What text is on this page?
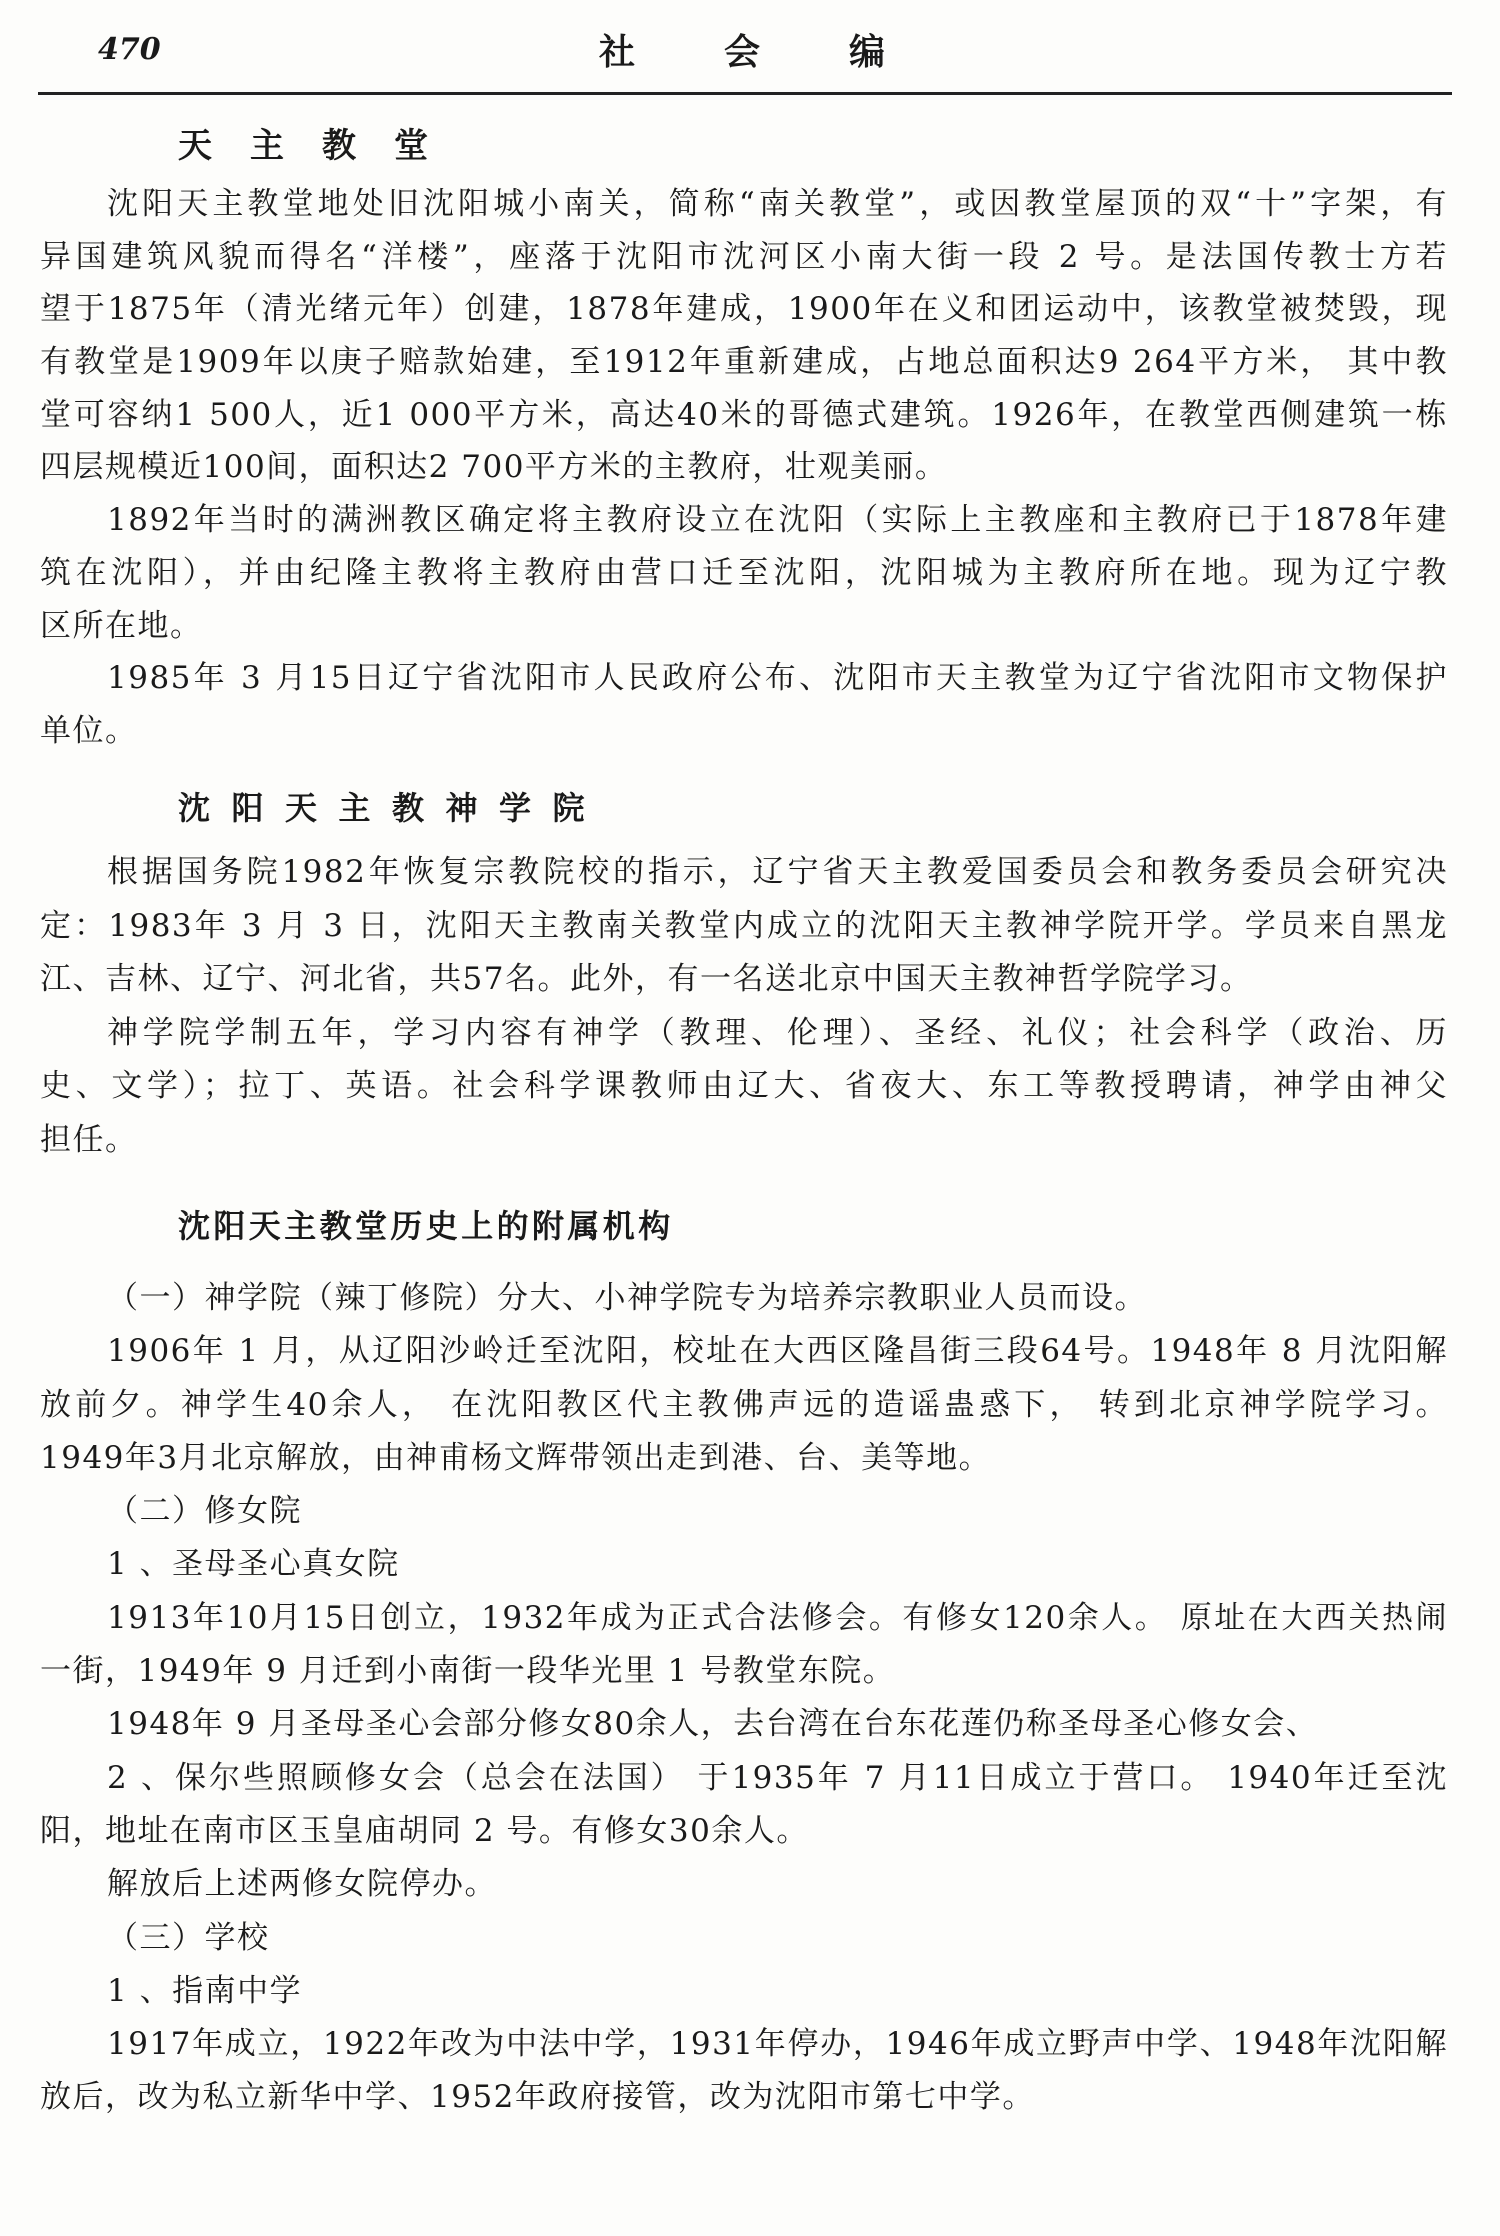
470	社会编
天主教堂
沈阳天主教堂地处旧沈阳城小南关，简称“南关教堂”，或因教堂屋顶的双“十”字架，有
异国建筑风貌而得名“洋楼”，座落于沈阳市沈河区小南大街一段 2 号。是法国传教士方若
望于1875年（清光绪元年）创建，1878年建成，1900年在义和团运动中，该教堂被焚毁，现
有教堂是1909年以庚子赔款始建，至1912年重新建成，占地总面积达9 264平方米， 其中教
堂可容纳1 500人，近1 000平方米，高达40米的哥德式建筑。1926年，在教堂西侧建筑一栋
四层规模近100间，面积达2 700平方米的主教府，壮观美丽。
1892年当时的满洲教区确定将主教府设立在沈阳（实际上主教座和主教府已于1878年建
筑在沈阳），并由纪隆主教将主教府由营口迁至沈阳，沈阳城为主教府所在地。现为辽宁教
区所在地。
1985年 3 月15日辽宁省沈阳市人民政府公布、沈阳市天主教堂为辽宁省沈阳市文物保护
单位。
沈阳天主教神学院
根据国务院1982年恢复宗教院校的指示，辽宁省天主教爱国委员会和教务委员会研究决
定：1983年 3 月 3 日，沈阳天主教南关教堂内成立的沈阳天主教神学院开学。学员来自黑龙
江、吉林、辽宁、河北省，共57名。此外，有一名送北京中国天主教神哲学院学习。
神学院学制五年，学习内容有神学（教理、伦理）、圣经、礼仪；社会科学（政治、历
史、文学）；拉丁、英语。社会科学课教师由辽大、省夜大、东工等教授聘请，神学由神父
担任。
沈阳天主教堂历史上的附属机构
（一）神学院（辣丁修院）分大、小神学院专为培养宗教职业人员而设。
1906年 1 月，从辽阳沙岭迁至沈阳，校址在大西区隆昌街三段64号。1948年 8 月沈阳解
放前夕。神学生40余人， 在沈阳教区代主教佛声远的造谣蛊惑下， 转到北京神学院学习。
1949年3月北京解放，由神甫杨文辉带领出走到港、台、美等地。
（二）修女院
1 、圣母圣心真女院
1913年10月15日创立，1932年成为正式合法修会。有修女120余人。 原址在大西关热闹
一街，1949年 9 月迁到小南街一段华光里 1 号教堂东院。
1948年 9 月圣母圣心会部分修女80余人，去台湾在台东花莲仍称圣母圣心修女会、
2 、保尔些照顾修女会（总会在法国） 于1935年 7 月11日成立于营口。 1940年迁至沈
阳，地址在南市区玉皇庙胡同 2 号。有修女30余人。
解放后上述两修女院停办。
（三）学校
1 、指南中学
1917年成立，1922年改为中法中学，1931年停办，1946年成立野声中学、1948年沈阳解
放后，改为私立新华中学、1952年政府接管，改为沈阳市第七中学。
